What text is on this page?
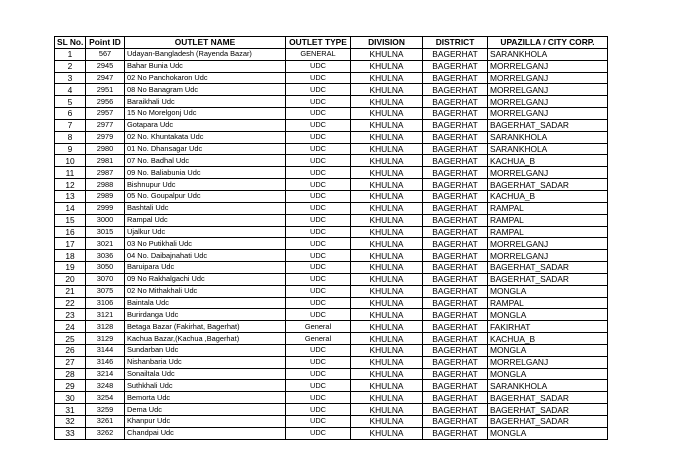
SL No.	Point ID	OUTLET NAME	OUTLET TYPE	DIVISION	DISTRICT	UPAZILLA / CITY CORP.
1	567	Udayan-Bangladesh (Rayenda Bazar)	GENERAL	KHULNA	BAGERHAT	SARANKHOLA
2	2945	Bahar Bunia Udc	UDC	KHULNA	BAGERHAT	MORRELGANJ
3	2947	02 No Panchokaron Udc	UDC	KHULNA	BAGERHAT	MORRELGANJ
4	2951	08 No Banagram Udc	UDC	KHULNA	BAGERHAT	MORRELGANJ
5	2956	Baraikhali Udc	UDC	KHULNA	BAGERHAT	MORRELGANJ
6	2957	15 No Morelgonj Udc	UDC	KHULNA	BAGERHAT	MORRELGANJ
7	2977	Gotapara Udc	UDC	KHULNA	BAGERHAT	BAGERHAT_SADAR
8	2979	02 No. Khuntakata Udc	UDC	KHULNA	BAGERHAT	SARANKHOLA
9	2980	01 No. Dhansagar Udc	UDC	KHULNA	BAGERHAT	SARANKHOLA
10	2981	07 No. Badhal Udc	UDC	KHULNA	BAGERHAT	KACHUA_B
11	2987	09 No. Baliabunia Udc	UDC	KHULNA	BAGERHAT	MORRELGANJ
12	2988	Bishnupur Udc	UDC	KHULNA	BAGERHAT	BAGERHAT_SADAR
13	2989	05 No. Goupalpur Udc	UDC	KHULNA	BAGERHAT	KACHUA_B
14	2999	Bashtali Udc	UDC	KHULNA	BAGERHAT	RAMPAL
15	3000	Rampal Udc	UDC	KHULNA	BAGERHAT	RAMPAL
16	3015	Ujalkur Udc	UDC	KHULNA	BAGERHAT	RAMPAL
17	3021	03 No Putikhali Udc	UDC	KHULNA	BAGERHAT	MORRELGANJ
18	3036	04 No. Daibajnahati Udc	UDC	KHULNA	BAGERHAT	MORRELGANJ
19	3050	Baruipara Udc	UDC	KHULNA	BAGERHAT	BAGERHAT_SADAR
20	3070	09 No Rakhalgachi Udc	UDC	KHULNA	BAGERHAT	BAGERHAT_SADAR
21	3075	02 No Mithakhali Udc	UDC	KHULNA	BAGERHAT	MONGLA
22	3106	Baintala Udc	UDC	KHULNA	BAGERHAT	RAMPAL
23	3121	Burirdanga Udc	UDC	KHULNA	BAGERHAT	MONGLA
24	3128	Betaga Bazar (Fakirhat, Bagerhat)	General	KHULNA	BAGERHAT	FAKIRHAT
25	3129	Kachua Bazar,(Kachua ,Bagerhat)	General	KHULNA	BAGERHAT	KACHUA_B
26	3144	Sundarban Udc	UDC	KHULNA	BAGERHAT	MONGLA
27	3146	Nishanbaria Udc	UDC	KHULNA	BAGERHAT	MORRELGANJ
28	3214	Sonailtala Udc	UDC	KHULNA	BAGERHAT	MONGLA
29	3248	Suthkhali Udc	UDC	KHULNA	BAGERHAT	SARANKHOLA
30	3254	Bemorta Udc	UDC	KHULNA	BAGERHAT	BAGERHAT_SADAR
31	3259	Dema Udc	UDC	KHULNA	BAGERHAT	BAGERHAT_SADAR
32	3261	Khanpur Udc	UDC	KHULNA	BAGERHAT	BAGERHAT_SADAR
33	3262	Chandpai Udc	UDC	KHULNA	BAGERHAT	MONGLA
